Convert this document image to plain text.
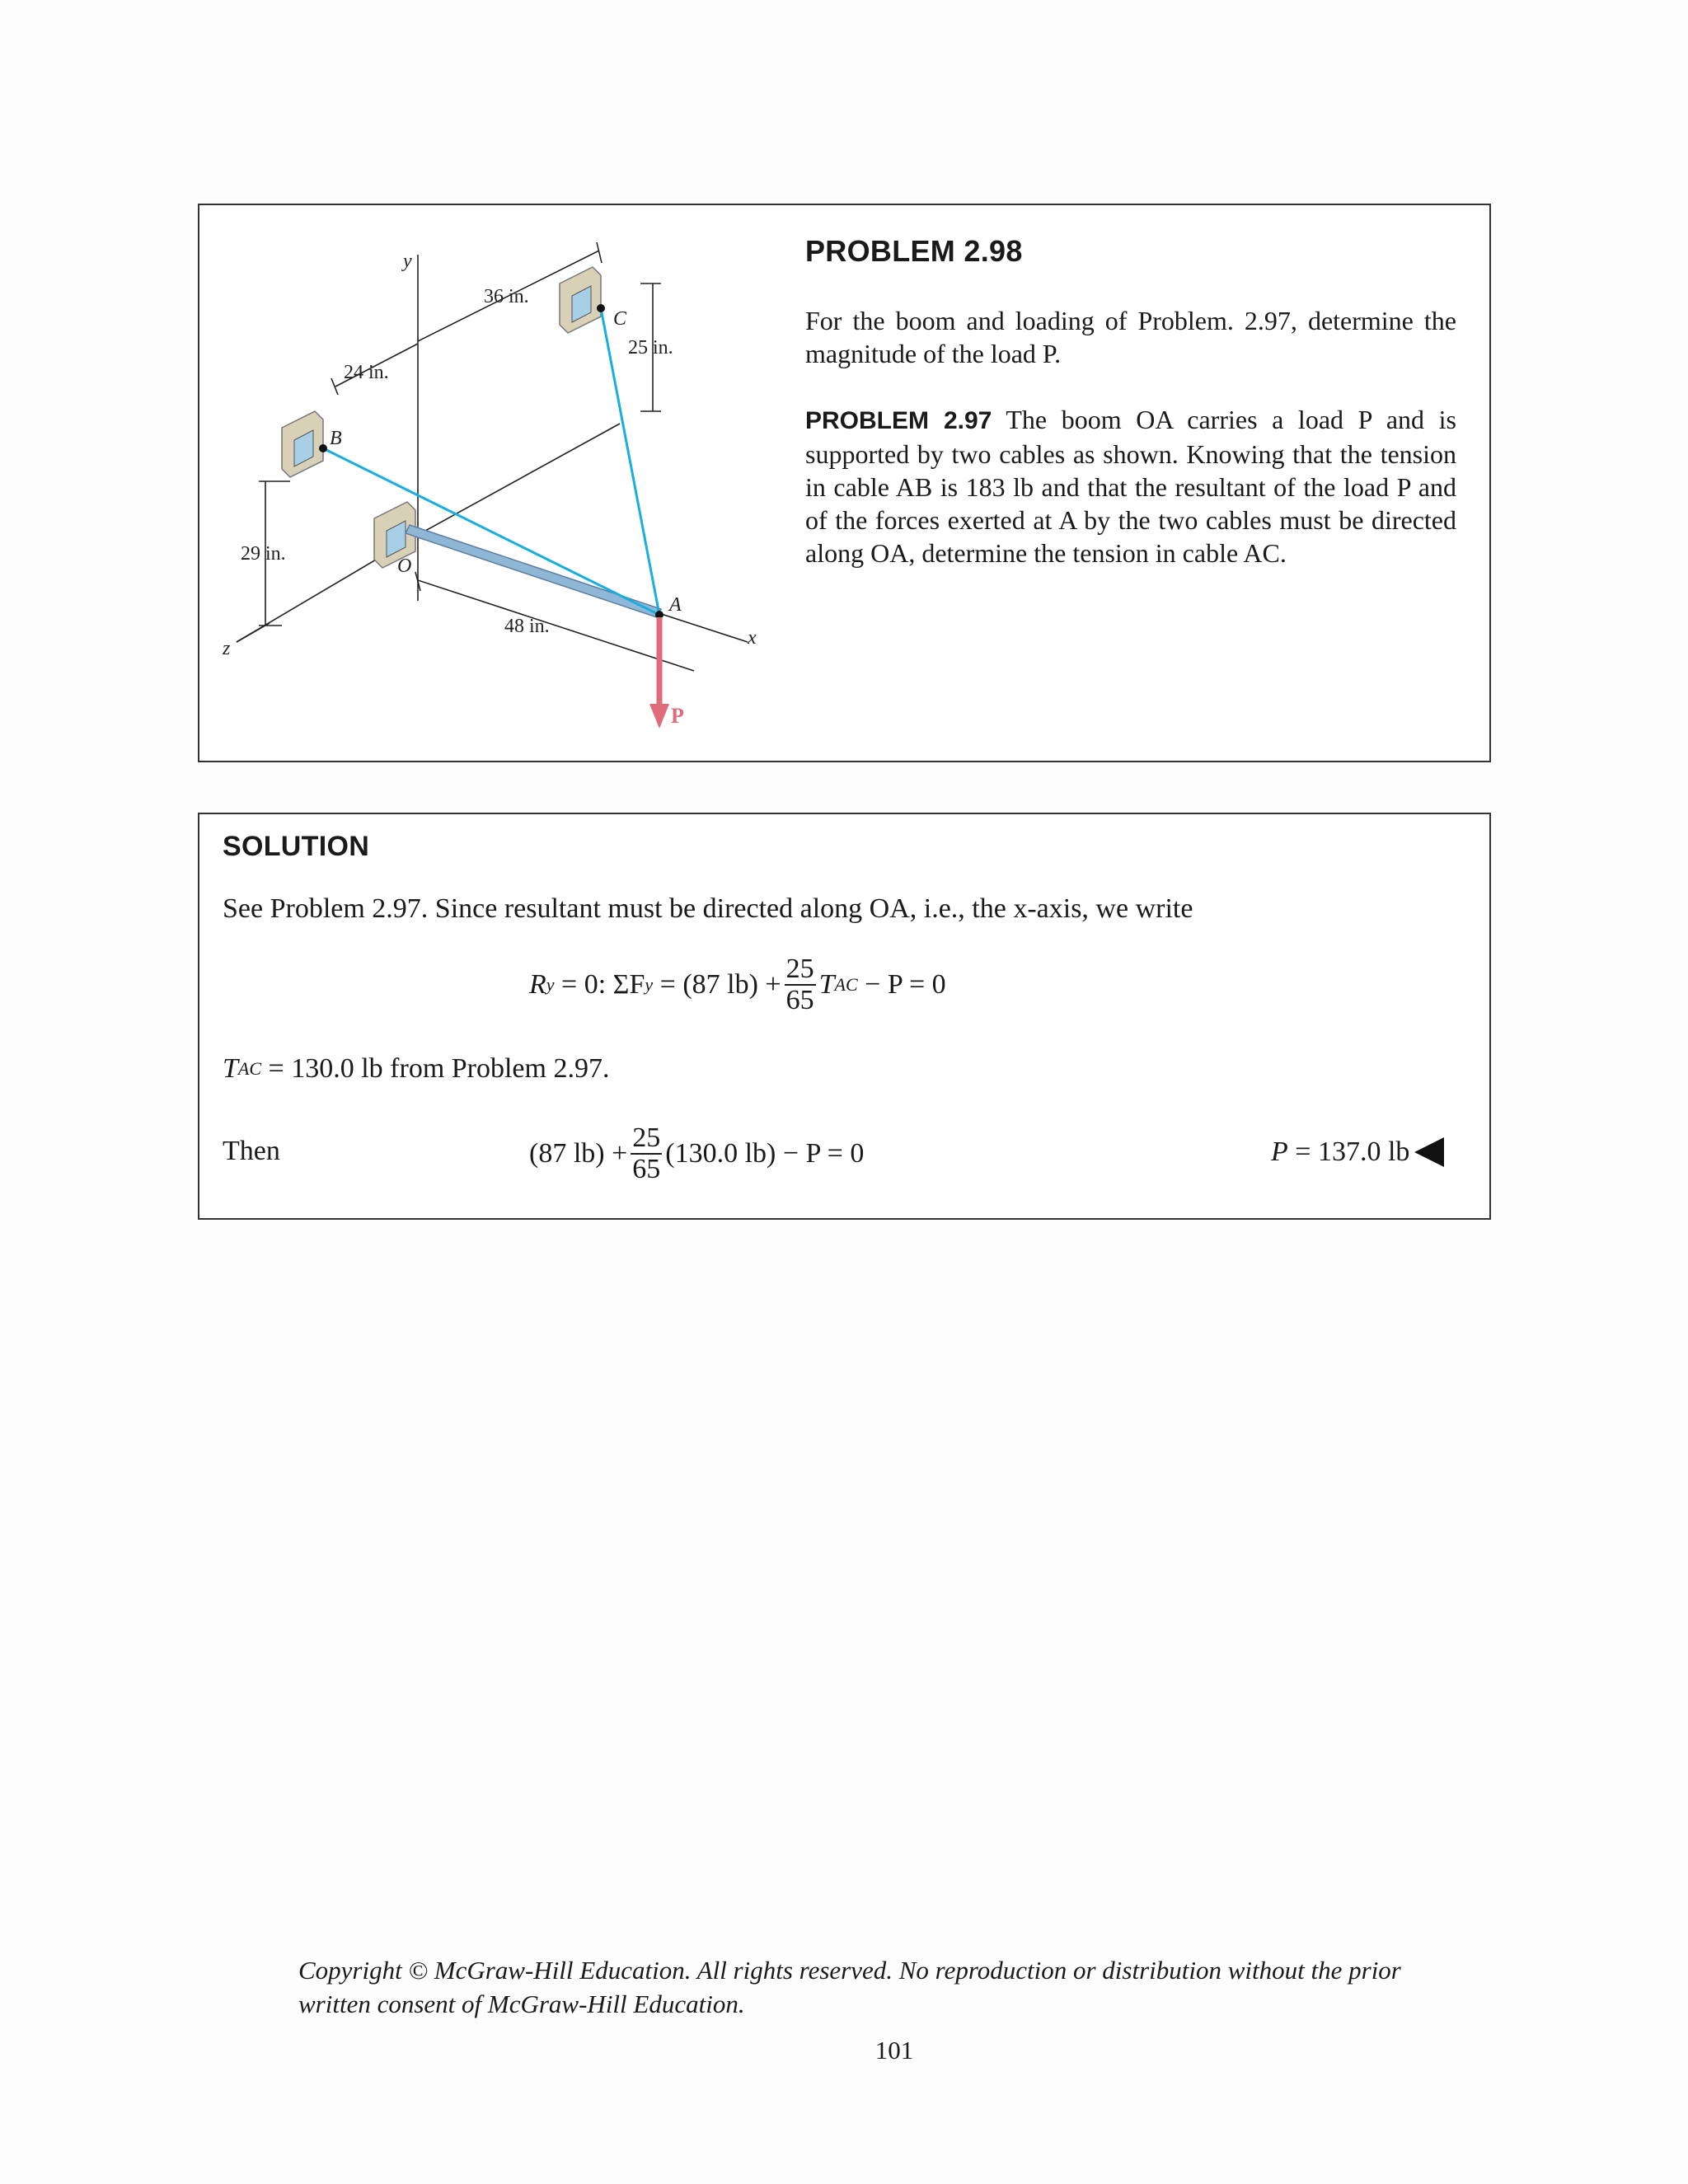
y
x
z
B
C
O
A
P
36 in.
24 in.
25 in.
29 in.
48 in.
PROBLEM 2.98
For the boom and loading of Problem. 2.97, determine the magnitude of the load P.
PROBLEM 2.97 The boom OA carries a load P and is supported by two cables as shown. Knowing that the tension in cable AB is 183 lb and that the resultant of the load P and of the forces exerted at A by the two cables must be directed along OA, determine the tension in cable AC.
SOLUTION
See Problem 2.97. Since resultant must be directed along OA, i.e., the x-axis, we write
R y
= 0: ΣF y
= (87 $lb) + \frac{25}{65}$ T AC
− P = 0
T AC
= 130.0 lb from Problem 2.97.
Then	(87 $lb) + \frac{25}{65} (130.0$ lb) − P = 0	P
= 137.0 lb
Copyright © McGraw-Hill Education. All rights reserved. No reproduction or distribution without the prior written consent of McGraw-Hill Education.
101
